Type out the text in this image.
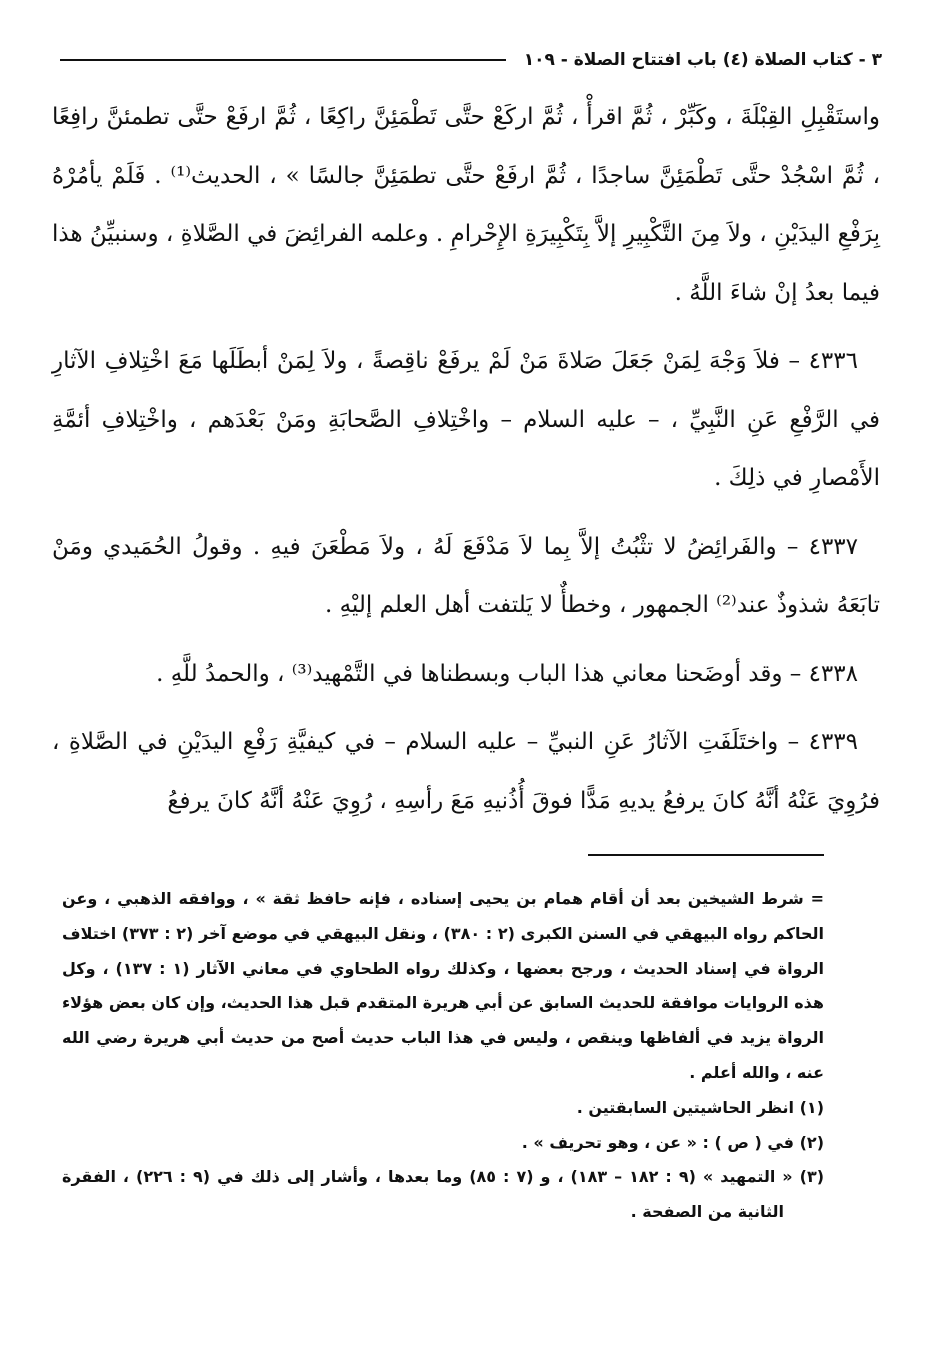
٣ - كتاب الصلاة (٤) باب افتتاح الصلاة - ١٠٩

واستَقْبِلِ القِبْلَةَ ، وكَبِّرْ ، ثُمَّ اقرأْ ، ثُمَّ اركَعْ حتَّى تَطْمَئِنَّ راكِعًا ، ثُمَّ ارفَعْ حتَّى تطمئنَّ رافِعًا ، ثُمَّ اسْجُدْ حتَّى تَطْمَئِنَّ ساجدًا ، ثُمَّ ارفَعْ حتَّى تطمَئِنَّ جالسًا » ، الحديث⁽¹⁾ . فَلَمْ يأمُرْهُ بِرَفْعِ اليدَيْنِ ، ولاَ مِنَ التَّكْبِيرِ إلاَّ بِتَكْبِيرَةِ الإِحْرامِ . وعلمه الفرائِضَ في الصَّلاةِ ، وسنبيِّنُ هذا فيما بعدُ إنْ شاءَ اللَّهُ .

٤٣٣٦ – فلاَ وَجْهَ لِمَنْ جَعَلَ صَلاةَ مَنْ لَمْ يرفَعْ ناقِصةً ، ولاَ لِمَنْ أبطَلَها مَعَ اخْتِلافِ الآثارِ في الرَّفْعِ عَنِ النَّبِيِّ ، – عليه السلام – واخْتِلافِ الصَّحابَةِ ومَنْ بَعْدَهم ، واخْتِلافِ أئمَّةِ الأَمْصارِ في ذلِكَ .

٤٣٣٧ – والفَرائِضُ لا تثْبُتُ إلاَّ بِما لاَ مَدْفَعَ لَهُ ، ولاَ مَطْعَنَ فيهِ . وقولُ الحُمَيدي ومَنْ تابَعَهُ شذوذٌ عند⁽²⁾ الجمهور ، وخطأٌ لا يَلتفت أهل العلم إليْهِ .

٤٣٣٨ – وقد أوضَحنا معاني هذا الباب وبسطناها في التَّمْهيد⁽³⁾ ، والحمدُ للَّهِ .

٤٣٣٩ – واختَلَفَتِ الآثارُ عَنِ النبيِّ – عليه السلام – في كيفيَّةِ رَفْعِ اليدَيْنِ في الصَّلاةِ ، فرُوِيَ عَنْهُ أنَّهُ كانَ يرفعُ يديهِ مَدًّا فوقَ أُذُنيهِ مَعَ رأسِهِ ، رُوِيَ عَنْهُ أنَّهُ كانَ يرفعُ

= شرط الشيخين بعد أن أقام همام بن يحيى إسناده ، فإنه حافظ ثقة » ، ووافقه الذهبي ، وعن الحاكم رواه البيهقي في السنن الكبرى (٢ : ٣٨٠) ، ونقل البيهقي في موضع آخر (٢ : ٣٧٣) اختلاف الرواة في إسناد الحديث ، ورجح بعضها ، وكذلك رواه الطحاوي في معاني الآثار (١ : ١٣٧) ، وكل هذه الروايات موافقة للحديث السابق عن أبي هريرة المتقدم قبل هذا الحديث، وإن كان بعض هؤلاء الرواة يزيد في ألفاظها وينقص ، وليس في هذا الباب حديث أصح من حديث أبي هريرة رضي الله عنه ، والله أعلم .

(١) انظر الحاشيتين السابقتين .

(٢) في ( ص ) : « عن ، وهو تحريف » .

(٣) « التمهيد » (٩ : ١٨٢ – ١٨٣) ، و (٧ : ٨٥) وما بعدها ، وأشار إلى ذلك في (٩ : ٢٢٦) ، الفقرة الثانية من الصفحة .
